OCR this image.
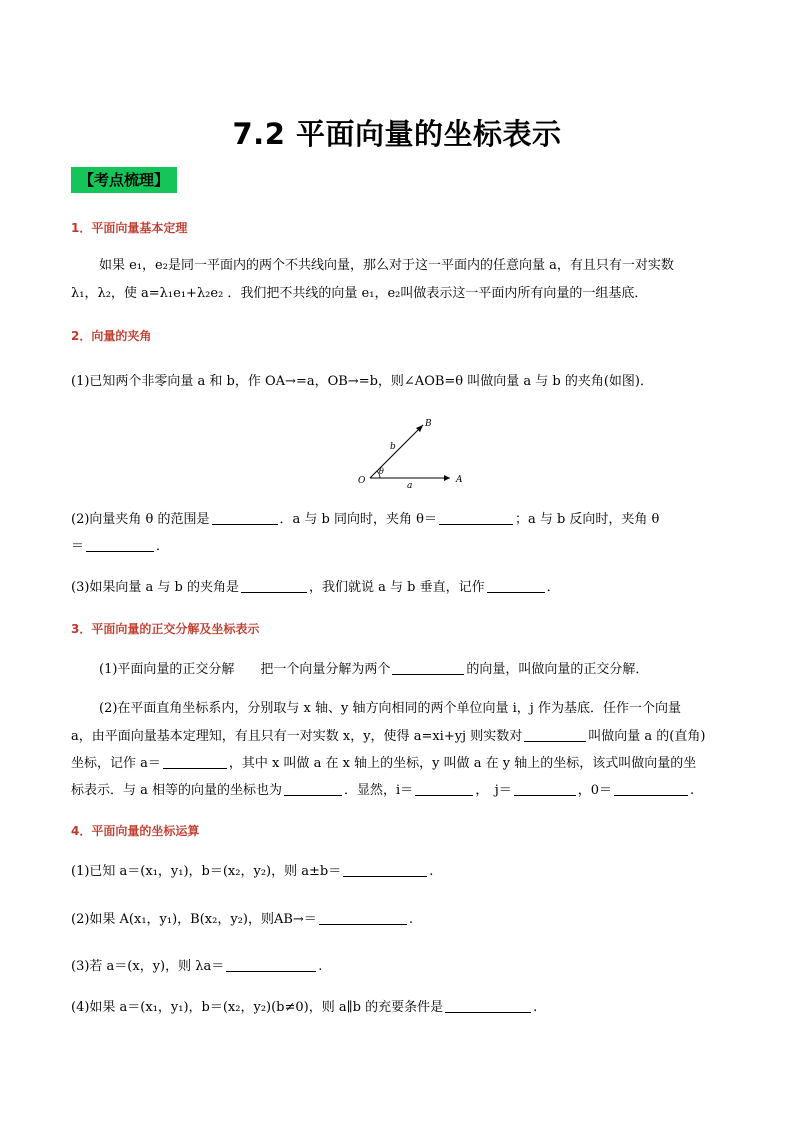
7.2 平面向量的坐标表示
【考点梳理】
1．平面向量基本定理
如果 e₁，e₂是同一平面内的两个不共线向量，那么对于这一平面内的任意向量 a，有且只有一对实数
λ₁，λ₂，使 a=λ₁e₁+λ₂e₂ ．我们把不共线的向量 e₁，e₂叫做表示这一平面内所有向量的一组基底．
2．向量的夹角
(1)已知两个非零向量 a 和 b，作 OA→=a，OB→=b，则∠AOB=θ 叫做向量 a 与 b 的夹角(如图)．
B
b
θ
O	a
A
(2)向量夹角 θ 的范围是	．a 与 b 同向时，夹角 θ＝	；a 与 b 反向时，夹角 θ
＝	．
(3)如果向量 a 与 b 的夹角是	，我们就说 a 与 b 垂直，记作	．
3．平面向量的正交分解及坐标表示
(1)平面向量的正交分解　　把一个向量分解为两个	的向量，叫做向量的正交分解．
(2)在平面直角坐标系内，分别取与 x 轴、y 轴方向相同的两个单位向量 i，j 作为基底．任作一个向量
a，由平面向量基本定理知，有且只有一对实数 x，y，使得 a=xi+yj 则实数对	叫做向量 a 的(直角)
坐标，记作 a＝	，其中 x 叫做 a 在 x 轴上的坐标，y 叫做 a 在 y 轴上的坐标，该式叫做向量的坐
标表示．与 a 相等的向量的坐标也为	．显然，i＝	，　j＝	，0＝	.
4．平面向量的坐标运算
(1)已知 a＝(x₁，y₁)，b＝(x₂，y₂)，则 a±b＝	.
(2)如果 A(x₁，y₁)，B(x₂，y₂)，则AB→＝	.
(3)若 a＝(x，y)，则 λa＝	.
(4)如果 a＝(x₁，y₁)，b＝(x₂，y₂)(b≠0)，则 a∥b 的充要条件是	.
